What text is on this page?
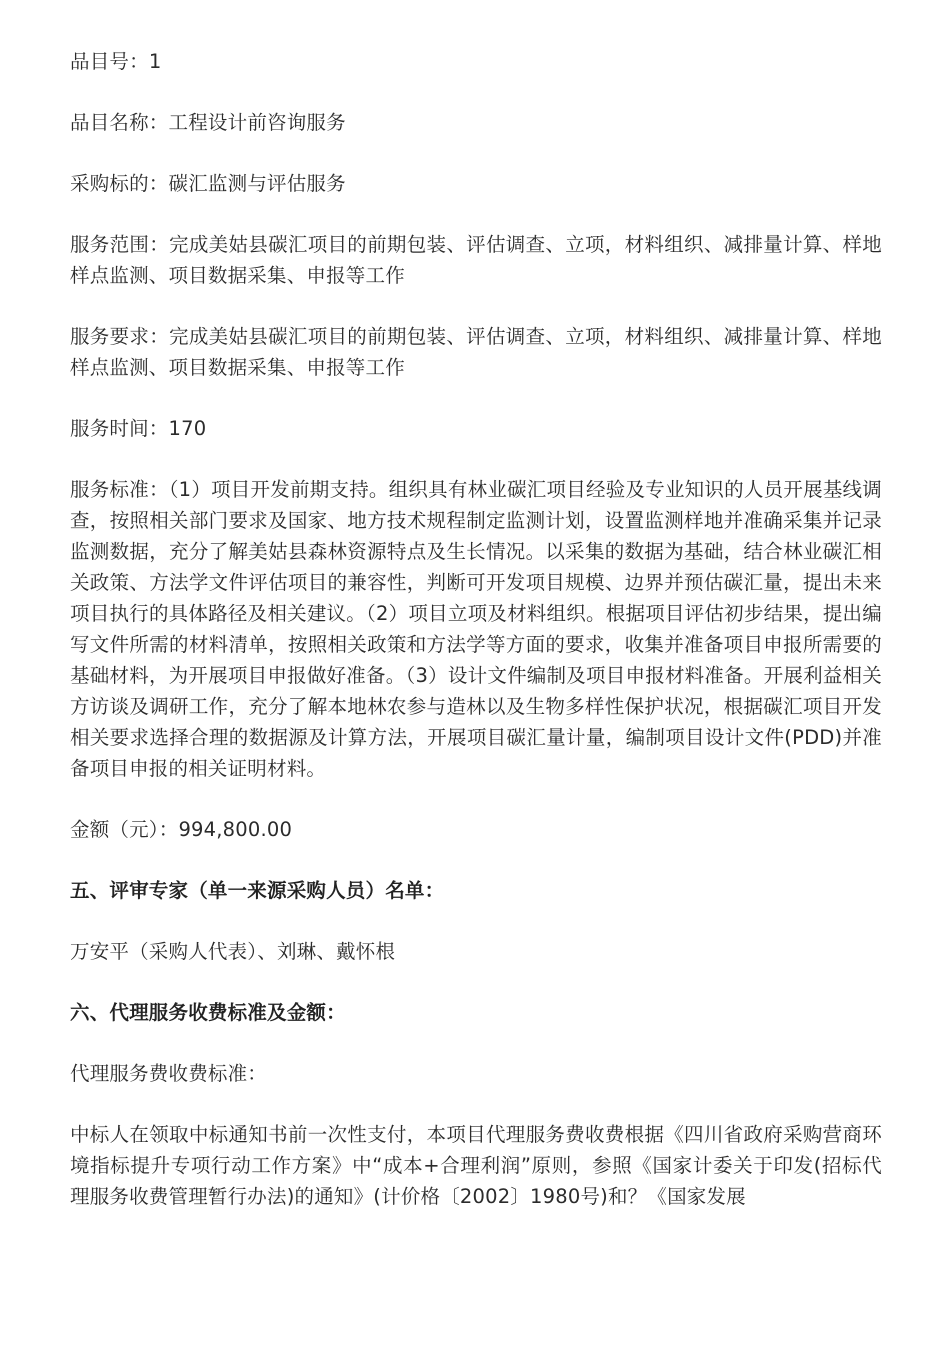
品目号：1

品目名称：工程设计前咨询服务

采购标的：碳汇监测与评估服务

服务范围：完成美姑县碳汇项目的前期包装、评估调查、立项，材料组织、减排量计算、样地样点监测、项目数据采集、申报等工作

服务要求：完成美姑县碳汇项目的前期包装、评估调查、立项，材料组织、减排量计算、样地样点监测、项目数据采集、申报等工作

服务时间：170

服务标准：（1）项目开发前期支持。组织具有林业碳汇项目经验及专业知识的人员开展基线调查，按照相关部门要求及国家、地方技术规程制定监测计划，设置监测样地并准确采集并记录监测数据，充分了解美姑县森林资源特点及生长情况。以采集的数据为基础，结合林业碳汇相关政策、方法学文件评估项目的兼容性，判断可开发项目规模、边界并预估碳汇量，提出未来项目执行的具体路径及相关建议。（2）项目立项及材料组织。根据项目评估初步结果，提出编写文件所需的材料清单，按照相关政策和方法学等方面的要求，收集并准备项目申报所需要的基础材料，为开展项目申报做好准备。（3）设计文件编制及项目申报材料准备。开展利益相关方访谈及调研工作，充分了解本地林农参与造林以及生物多样性保护状况，根据碳汇项目开发相关要求选择合理的数据源及计算方法，开展项目碳汇量计量，编制项目设计文件(PDD)并准备项目申报的相关证明材料。

金额（元）：994,800.00

五、评审专家（单一来源采购人员）名单：

万安平（采购人代表）、刘琳、戴怀根

六、代理服务收费标准及金额：

代理服务费收费标准：

中标人在领取中标通知书前一次性支付，本项目代理服务费收费根据《四川省政府采购营商环境指标提升专项行动工作方案》中“成本+合理利润”原则，参照《国家计委关于印发(招标代理服务收费管理暂行办法)的通知》(计价格〔2002〕1980号)和？《国家发展
